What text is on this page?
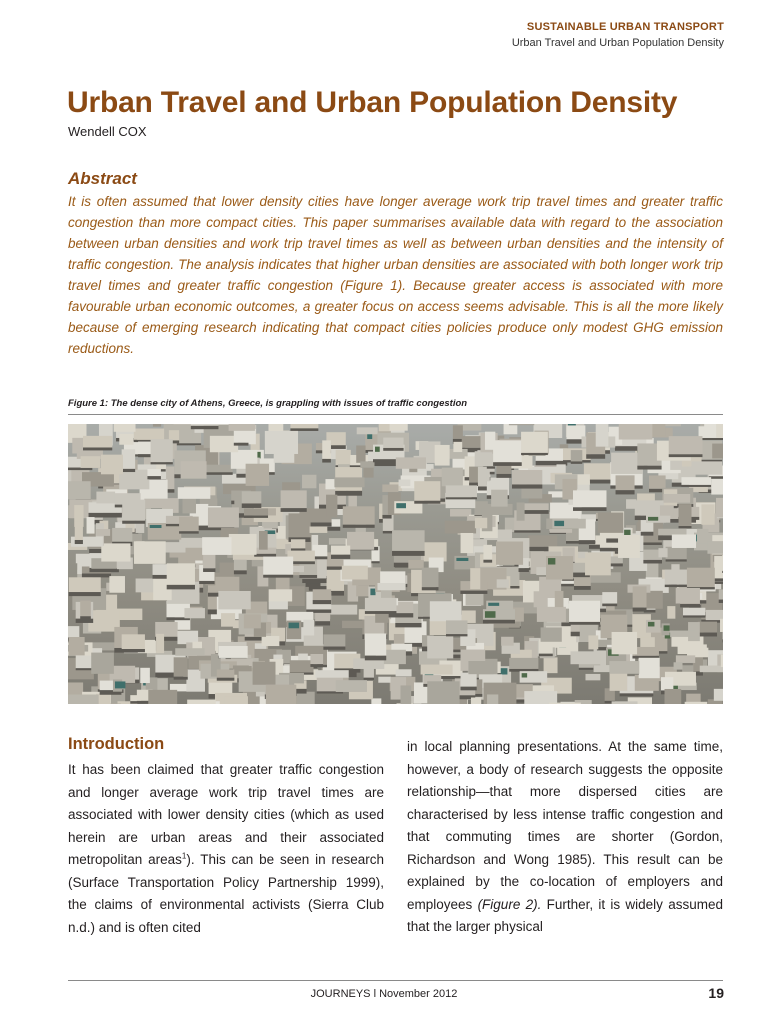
SUSTAINABLE URBAN TRANSPORT
Urban Travel and Urban Population Density
Urban Travel and Urban Population Density
Wendell COX
Abstract
It is often assumed that lower density cities have longer average work trip travel times and greater traffic congestion than more compact cities. This paper summarises available data with regard to the association between urban densities and work trip travel times as well as between urban densities and the intensity of traffic congestion. The analysis indicates that higher urban densities are associated with both longer work trip travel times and greater traffic congestion (Figure 1). Because greater access is associated with more favourable urban economic outcomes, a greater focus on access seems advisable. This is all the more likely because of emerging research indicating that compact cities policies produce only modest GHG emission reductions.
Figure 1: The dense city of Athens, Greece, is grappling with issues of traffic congestion
Introduction
It has been claimed that greater traffic congestion and longer average work trip travel times are associated with lower density cities (which as used herein are urban areas and their associated metropolitan areas$^1$). This can be seen in research (Surface Transportation Policy Partnership 1999), the claims of environmental activists (Sierra Club n.d.) and is often cited
in local planning presentations. At the same time, however, a body of research suggests the opposite relationship—that more dispersed cities are characterised by less intense traffic congestion and that commuting times are shorter (Gordon, Richardson and Wong 1985). This result can be explained by the co-location of employers and employees (Figure 2). Further, it is widely assumed that the larger physical
JOURNEYS l November 2012	19
